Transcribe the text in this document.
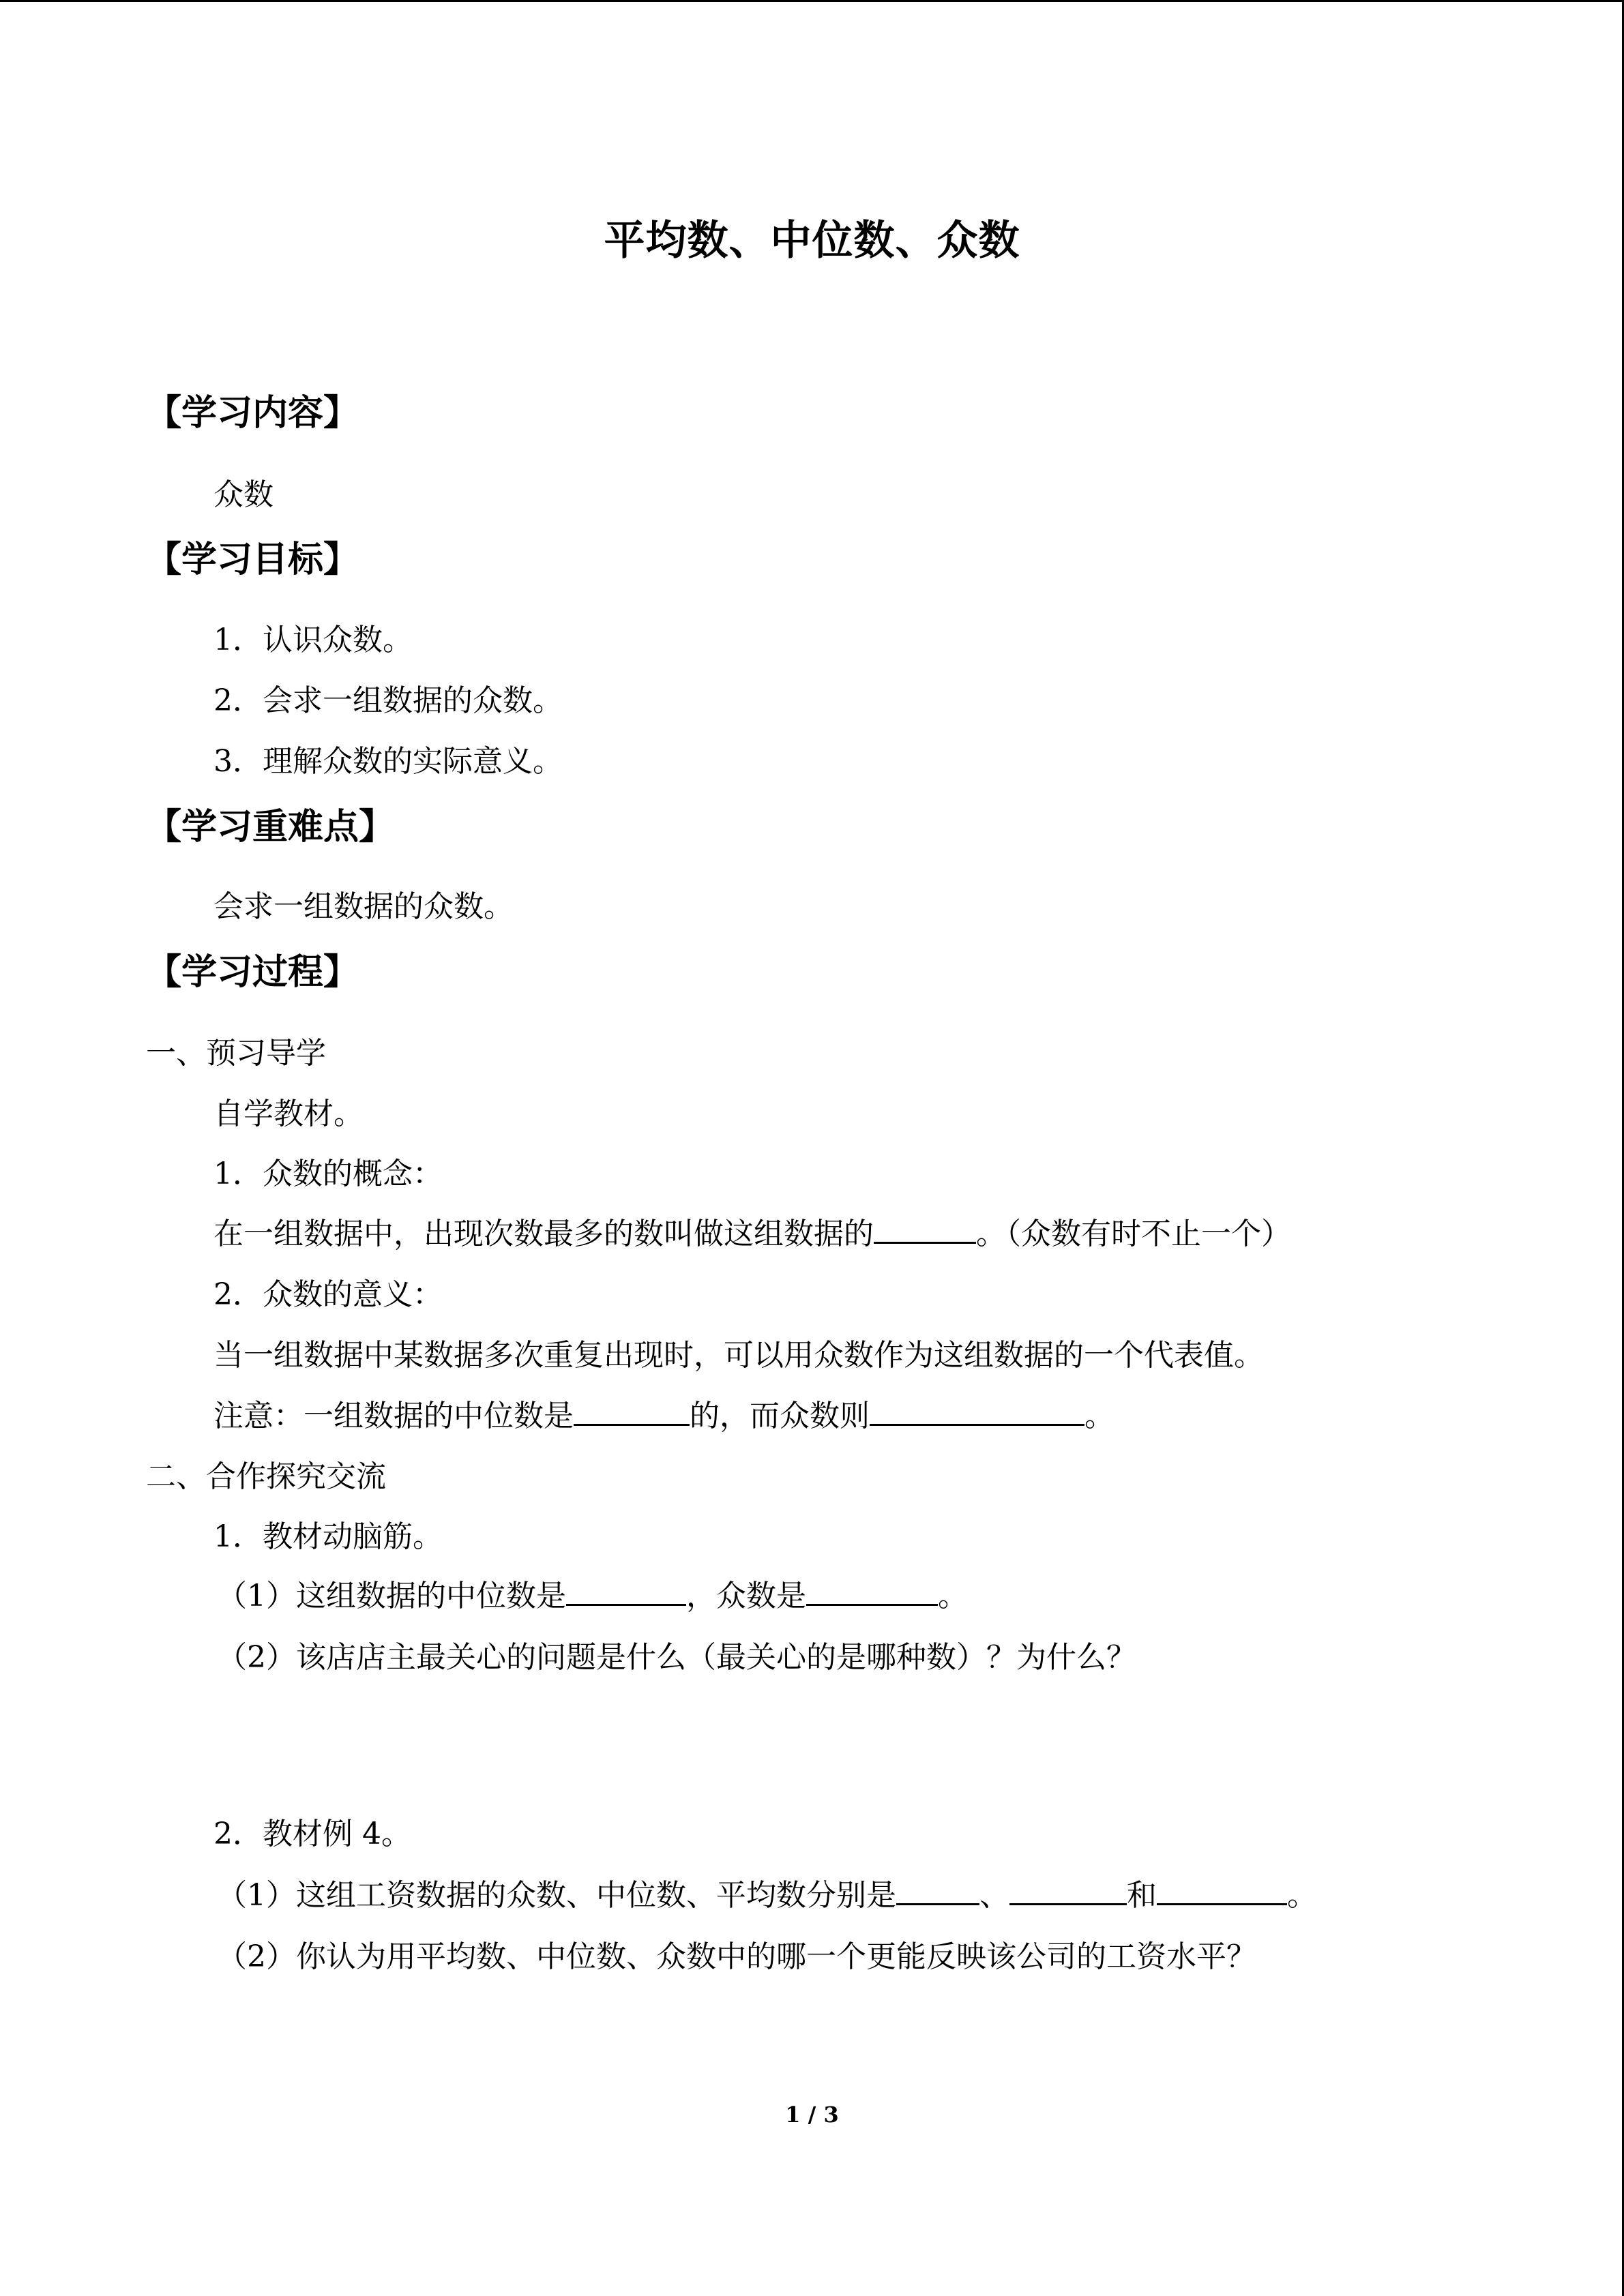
平均数、中位数、众数
【学习内容】
众数
【学习目标】
1．认识众数。
2．会求一组数据的众数。
3．理解众数的实际意义。
【学习重难点】
会求一组数据的众数。
【学习过程】
一、预习导学
自学教材。
1．众数的概念：
在一组数据中，出现次数最多的数叫做这组数据的	。（众数有时不止一个）
2．众数的意义：
当一组数据中某数据多次重复出现时，可以用众数作为这组数据的一个代表值。
注意：一组数据的中位数是	的，而众数则	。
二、合作探究交流
1．教材动脑筋。
（1）这组数据的中位数是	，众数是	。
（2）该店店主最关心的问题是什么（最关心的是哪种数）？为什么？
2．教材例 4。
（1）这组工资数据的众数、中位数、平均数分别是	、	和	。
（2）你认为用平均数、中位数、众数中的哪一个更能反映该公司的工资水平？
1 / 3
